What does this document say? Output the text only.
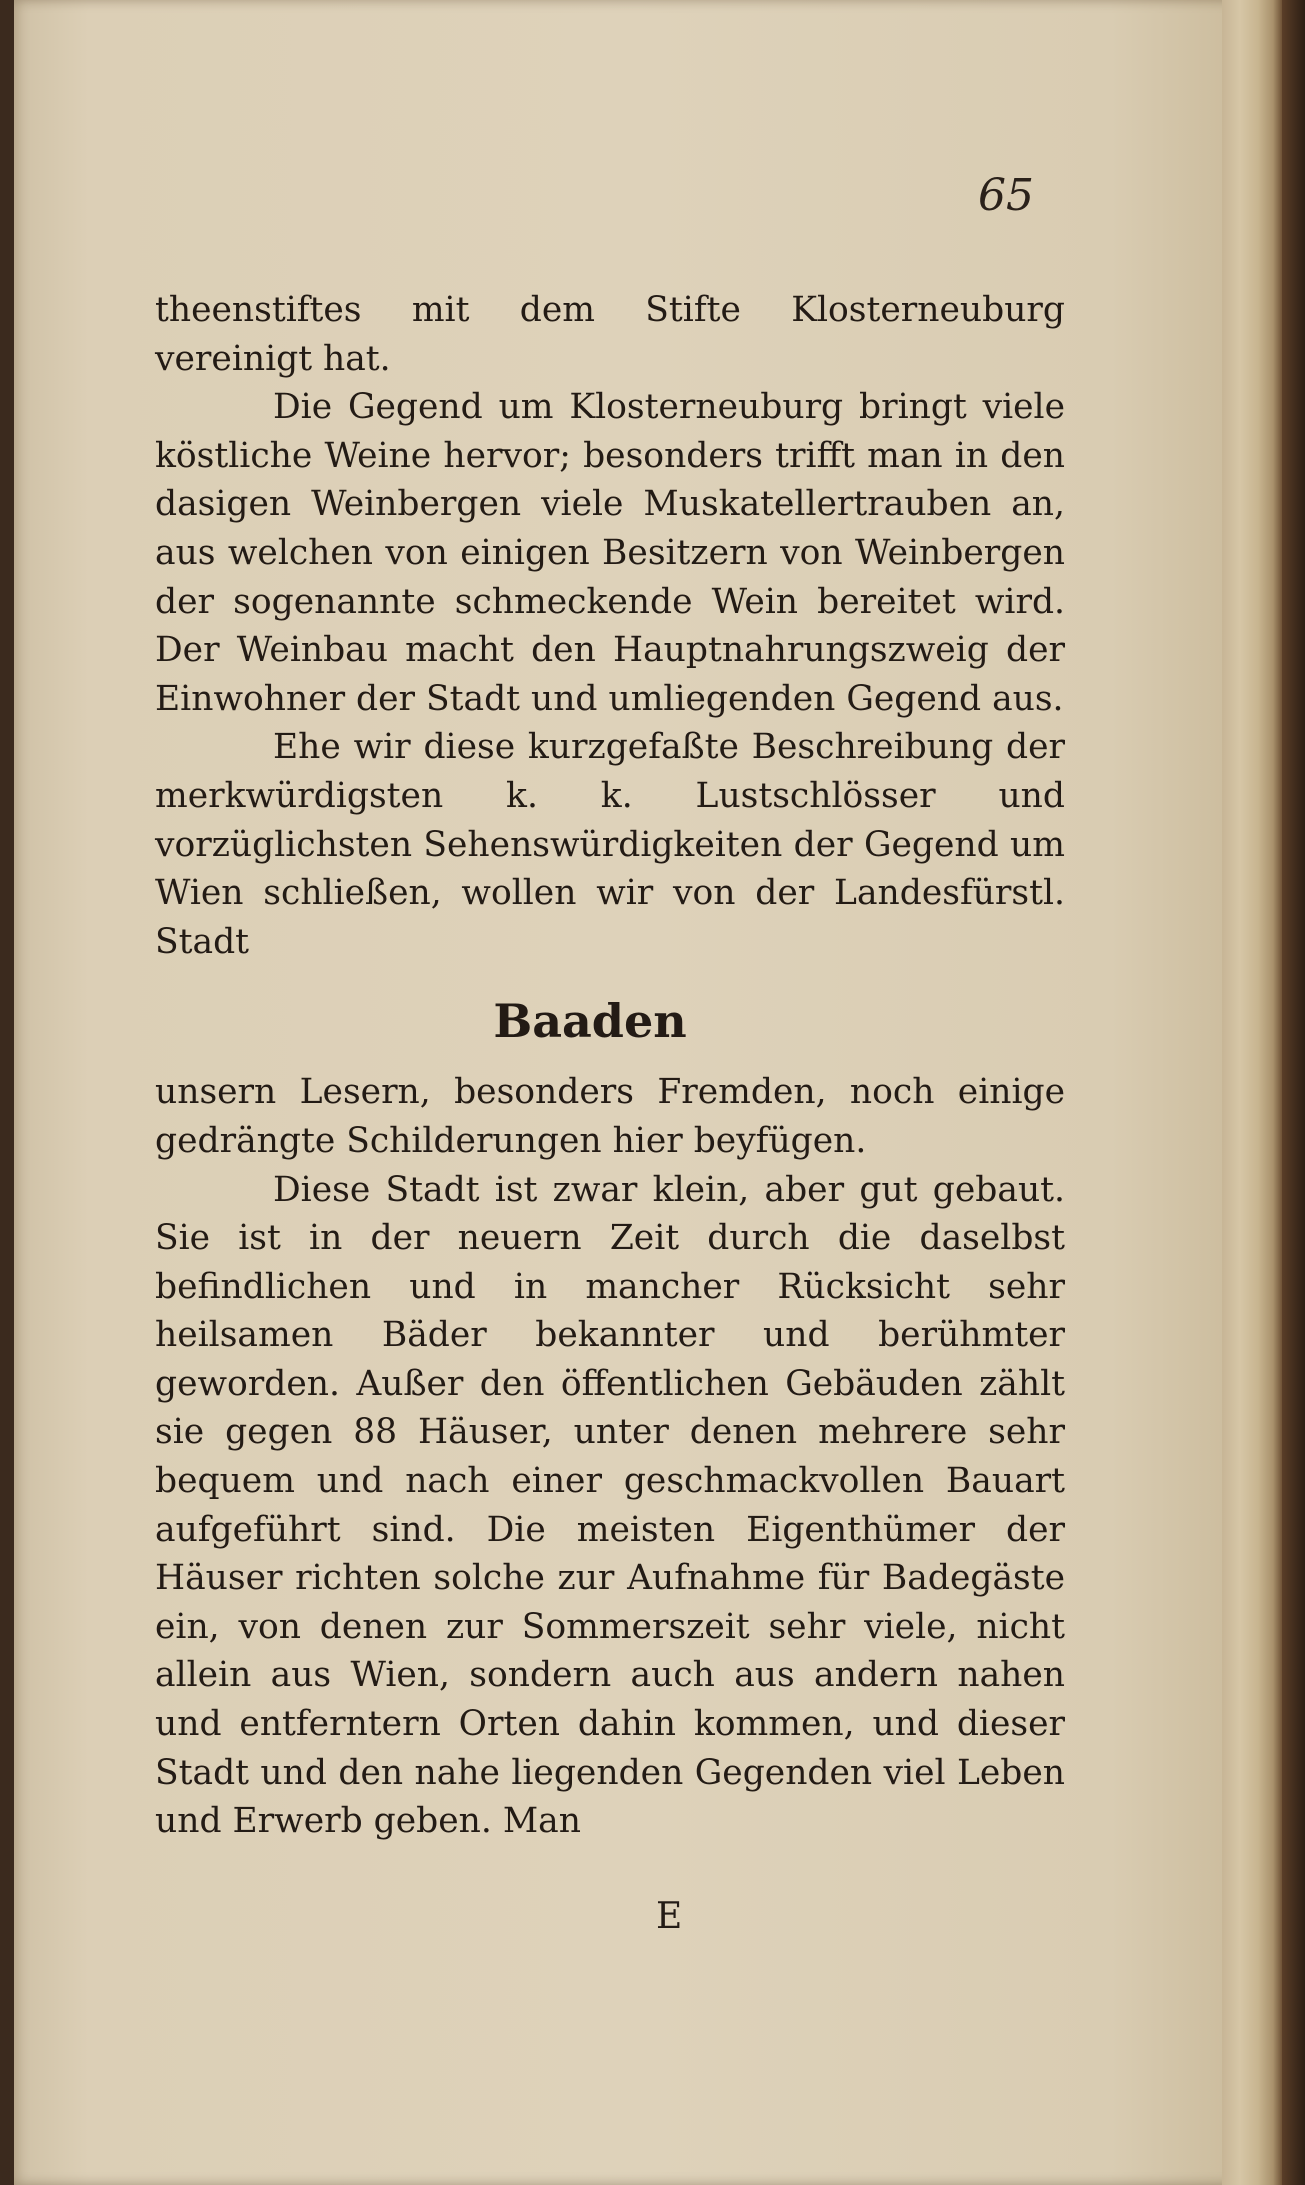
65

theenstiftes mit dem Stifte Klosterneuburg vereinigt hat.

Die Gegend um Klosterneuburg bringt viele köstliche Weine hervor; besonders trifft man in den dasigen Weinbergen viele Muskatellertrauben an, aus welchen von einigen Besitzern von Weinbergen der sogenannte schmeckende Wein bereitet wird. Der Weinbau macht den Hauptnahrungszweig der Einwohner der Stadt und umliegenden Gegend aus.

Ehe wir diese kurzgefaßte Beschreibung der merkwürdigsten k. k. Lustschlösser und vorzüglichsten Sehenswürdigkeiten der Gegend um Wien schließen, wollen wir von der Landesfürstl. Stadt

Baaden

unsern Lesern, besonders Fremden, noch einige gedrängte Schilderungen hier beyfügen.

Diese Stadt ist zwar klein, aber gut gebaut. Sie ist in der neuern Zeit durch die daselbst befindlichen und in mancher Rücksicht sehr heilsamen Bäder bekannter und berühmter geworden. Außer den öffentlichen Gebäuden zählt sie gegen 88 Häuser, unter denen mehrere sehr bequem und nach einer geschmackvollen Bauart aufgeführt sind. Die meisten Eigenthümer der Häuser richten solche zur Aufnahme für Badegäste ein, von denen zur Sommerszeit sehr viele, nicht allein aus Wien, sondern auch aus andern nahen und entferntern Orten dahin kommen, und dieser Stadt und den nahe liegenden Gegenden viel Leben und Erwerb geben. Man

E
